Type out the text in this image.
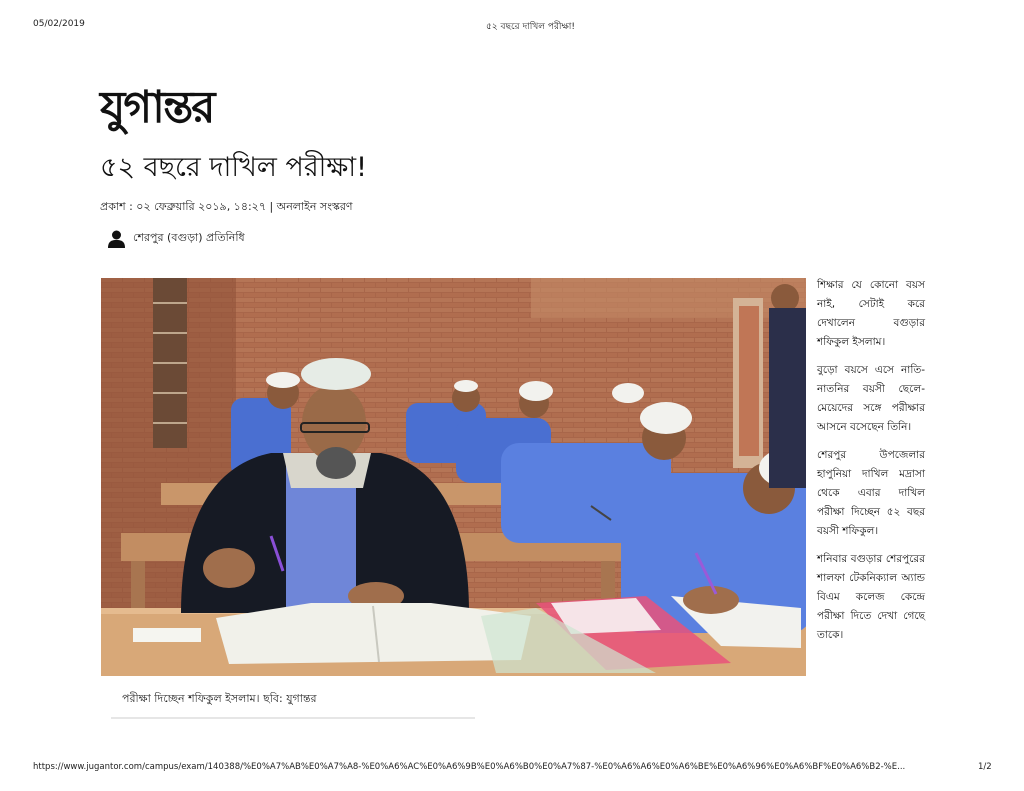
05/02/2019	৫২ বছরে দাখিল পরীক্ষা!
যুগান্তর
৫২ বছরে দাখিল পরীক্ষা!
প্রকাশ : ০২ ফেব্রুয়ারি ২০১৯, ১৪:২৭ | অনলাইন সংস্করণ
শেরপুর (বগুড়া) প্রতিনিধি
পরীক্ষা দিচ্ছেন শফিকুল ইসলাম। ছবি: যুগান্তর

শিক্ষার যে কোনো বয়স নাই, সেটাই করে দেখালেন বগুড়ার শফিকুল ইসলাম।

বুড়ো বয়সে এসে নাতি-নাতনির বয়সী ছেলে-মেয়েদের সঙ্গে পরীক্ষার আসনে বসেছেন তিনি।

শেরপুর উপজেলার হাপুনিয়া দাখিল মদ্রাসা থেকে এবার দাখিল পরীক্ষা দিচ্ছেন ৫২ বছর বয়সী শফিকুল।

শনিবার বগুড়ার শেরপুরের শালফা টেকনিক্যাল অ্যান্ড বিএম কলেজ কেন্দ্রে পরীক্ষা দিতে দেখা গেছে তাকে।

https://www.jugantor.com/campus/exam/140388/%E0%A7%AB%E0%A7%A8-%E0%A6%AC%E0%A6%9B%E0%A6%B0%E0%A7%87-%E0%A6%A6%E0%A6%BE%E0%A6%96%E0%A6%BF%E0%A6%B2-%E...	1/2
